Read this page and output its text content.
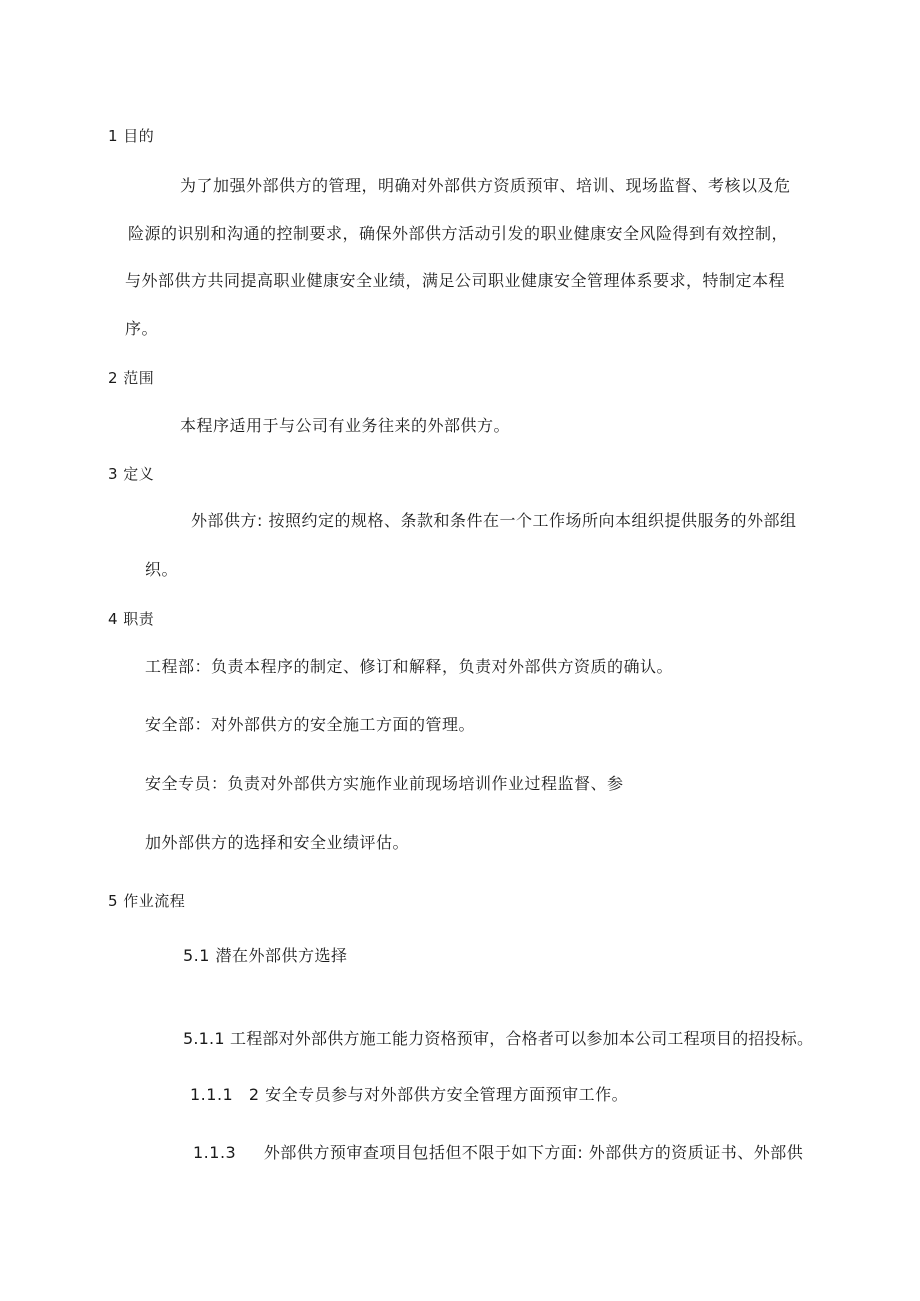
1 目的
为了加强外部供方的管理，明确对外部供方资质预审、培训、现场监督、考核以及危
险源的识别和沟通的控制要求，确保外部供方活动引发的职业健康安全风险得到有效控制，
与外部供方共同提高职业健康安全业绩，满足公司职业健康安全管理体系要求，特制定本程
序。
2 范围
本程序适用于与公司有业务往来的外部供方。
3 定义
外部供方: 按照约定的规格、条款和条件在一个工作场所向本组织提供服务的外部组
织。
4 职责
工程部：负责本程序的制定、修订和解释，负责对外部供方资质的确认。
安全部：对外部供方的安全施工方面的管理。
安全专员：负责对外部供方实施作业前现场培训作业过程监督、参
加外部供方的选择和安全业绩评估。
5 作业流程
5.1 潜在外部供方选择
5.1.1 工程部对外部供方施工能力资格预审，合格者可以参加本公司工程项目的招投标。
1.1.1 2 安全专员参与对外部供方安全管理方面预审工作。
1.1.3 外部供方预审查项目包括但不限于如下方面: 外部供方的资质证书、外部供
